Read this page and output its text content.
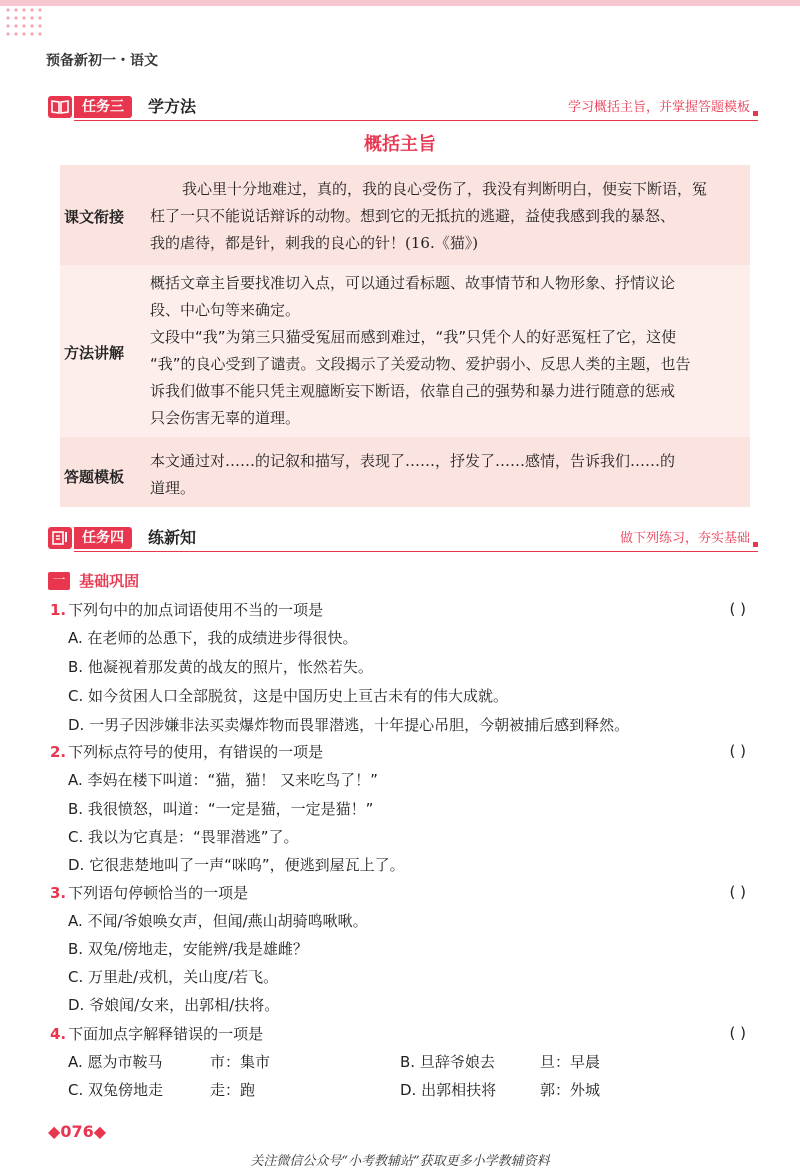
预备新初一・语文
任务三	学方法	学习概括主旨，并掌握答题模板
概括主旨
课文衔接
我心里十分地难过，真的，我的良心受伤了，我没有判断明白，便妄下断语，冤
枉了一只不能说话辩诉的动物。想到它的无抵抗的逃避，益使我感到我的暴怒、
我的虐待，都是针，刺我的良心的针！(16.《猫》)
方法讲解
概括文章主旨要找准切入点，可以通过看标题、故事情节和人物形象、抒情议论
段、中心句等来确定。
文段中“我”为第三只猫受冤屈而感到难过，“我”只凭个人的好恶冤枉了它，这使
“我”的良心受到了谴责。文段揭示了关爱动物、爱护弱小、反思人类的主题，也告
诉我们做事不能只凭主观臆断妄下断语，依靠自己的强势和暴力进行随意的惩戒
只会伤害无辜的道理。
答题模板
本文通过对……的记叙和描写，表现了……，抒发了……感情，告诉我们……的
道理。
任务四	练新知	做下列练习，夯实基础
一 基础巩固
1. 下列句中的加点词语使用不当的一项是	( )
A. 在老师的怂恿下，我的成绩进步得很快。
B. 他凝视着那发黄的战友的照片，怅然若失。
C. 如今贫困人口全部脱贫，这是中国历史上亘古未有的伟大成就。
D. 一男子因涉嫌非法买卖爆炸物而畏罪潜逃，十年提心吊胆，今朝被捕后感到释然。
2. 下列标点符号的使用，有错误的一项是	( )
A. 李妈在楼下叫道：“猫，猫！ 又来吃鸟了！”
B. 我很愤怒，叫道：“一定是猫，一定是猫！”
C. 我以为它真是：“畏罪潜逃”了。
D. 它很悲楚地叫了一声“咪呜”，便逃到屋瓦上了。
3. 下列语句停顿恰当的一项是	( )
A. 不闻/爷娘唤女声，但闻/燕山胡骑鸣啾啾。
B. 双兔/傍地走，安能辨/我是雄雌？
C. 万里赴/戎机，关山度/若飞。
D. 爷娘闻/女来，出郭相/扶将。
4. 下面加点字解释错误的一项是	( )
A. 愿为市鞍马	市：集市	B. 旦辞爷娘去	旦：早晨
C. 双兔傍地走	走：跑	D. 出郭相扶将	郭：外城
◆076◆
关注微信公众号“小考教辅站”获取更多小学教辅资料
